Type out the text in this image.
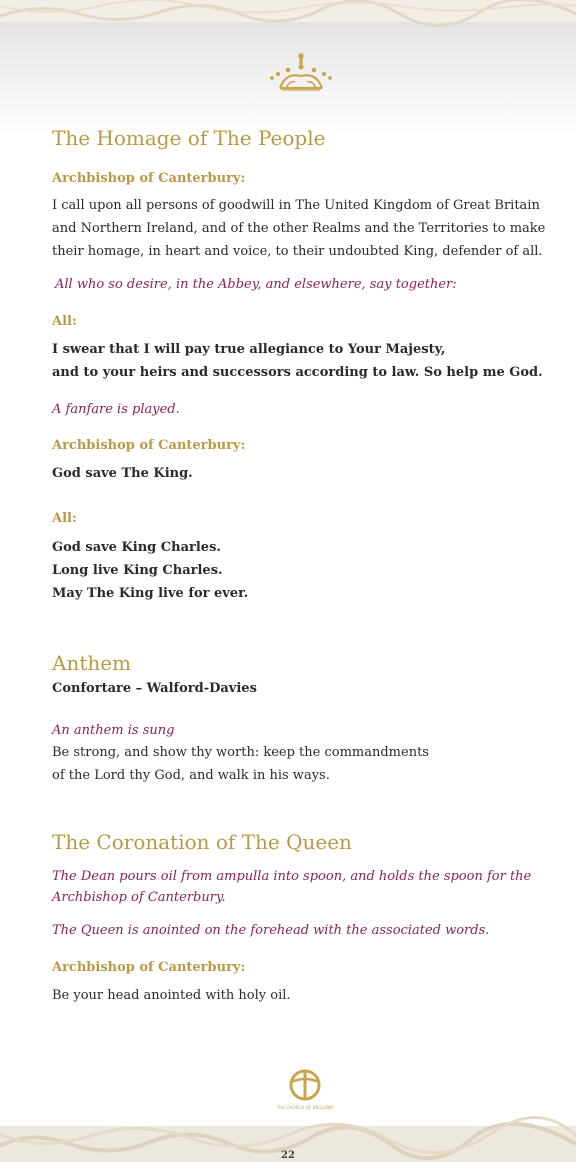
The Homage of The People
Archbishop of Canterbury:
I call upon all persons of goodwill in The United Kingdom of Great Britain
and Northern Ireland, and of the other Realms and the Territories to make
their homage, in heart and voice, to their undoubted King, defender of all.
All who so desire, in the Abbey, and elsewhere, say together:
All:
I swear that I will pay true allegiance to Your Majesty,
and to your heirs and successors according to law. So help me God.
A fanfare is played.
Archbishop of Canterbury:
God save The King.
All:
God save King Charles.
Long live King Charles.
May The King live for ever.
Anthem
Confortare – Walford-Davies
An anthem is sung
Be strong, and show thy worth: keep the commandments
of the Lord thy God, and walk in his ways.
The Coronation of The Queen
The Dean pours oil from ampulla into spoon, and holds the spoon for the
Archbishop of Canterbury.
The Queen is anointed on the forehead with the associated words.
Archbishop of Canterbury:
Be your head anointed with holy oil.
THE CHURCH OF ENGLAND
22
